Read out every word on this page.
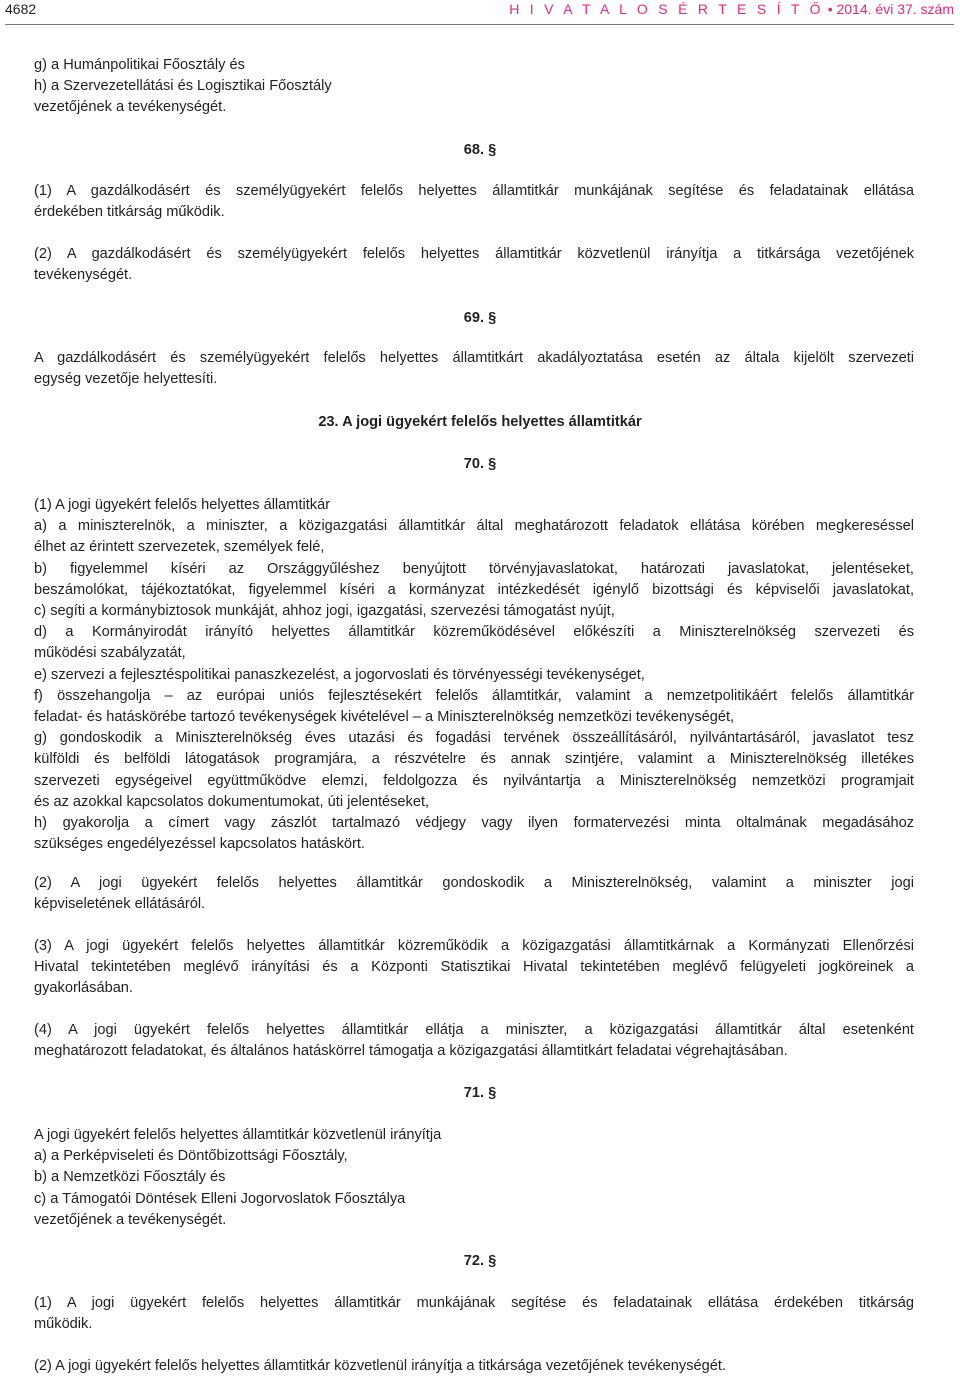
4682	H I V A T A L O S É R T E S Í T Ő • 2014. évi 37. szám
g) a Humánpolitikai Főosztály és
h) a Szervezetellátási és Logisztikai Főosztály
vezetőjének a tevékenységét.
68. §
(1) A gazdálkodásért és személyügyekért felelős helyettes államtitkár munkájának segítése és feladatainak ellátása
érdekében titkárság működik.
(2) A gazdálkodásért és személyügyekért felelős helyettes államtitkár közvetlenül irányítja a titkársága vezetőjének
tevékenységét.
69. §
A gazdálkodásért és személyügyekért felelős helyettes államtitkárt akadályoztatása esetén az általa kijelölt szervezeti
egység vezetője helyettesíti.
23. A jogi ügyekért felelős helyettes államtitkár
70. §
(1) A jogi ügyekért felelős helyettes államtitkár
a) a miniszterelnök, a miniszter, a közigazgatási államtitkár által meghatározott feladatok ellátása körében megkereséssel
élhet az érintett szervezetek, személyek felé,
b) figyelemmel kíséri az Országgyűléshez benyújtott törvényjavaslatokat, határozati javaslatokat, jelentéseket,
beszámolókat, tájékoztatókat, figyelemmel kíséri a kormányzat intézkedését igénylő bizottsági és képviselői javaslatokat,
c) segíti a kormánybiztosok munkáját, ahhoz jogi, igazgatási, szervezési támogatást nyújt,
d) a Kormányirodát irányító helyettes államtitkár közreműködésével előkészíti a Miniszterelnökség szervezeti és
működési szabályzatát,
e) szervezi a fejlesztéspolitikai panaszkezelést, a jogorvoslati és törvényességi tevékenységet,
f) összehangolja – az európai uniós fejlesztésekért felelős államtitkár, valamint a nemzetpolitikáért felelős államtitkár
feladat- és hatáskörébe tartozó tevékenységek kivételével – a Miniszterelnökség nemzetközi tevékenységét,
g) gondoskodik a Miniszterelnökség éves utazási és fogadási tervének összeállításáról, nyilvántartásáról, javaslatot tesz
külföldi és belföldi látogatások programjára, a részvételre és annak szintjére, valamint a Miniszterelnökség illetékes
szervezeti egységeivel együttműködve elemzi, feldolgozza és nyilvántartja a Miniszterelnökség nemzetközi programjait
és az azokkal kapcsolatos dokumentumokat, úti jelentéseket,
h) gyakorolja a címert vagy zászlót tartalmazó védjegy vagy ilyen formatervezési minta oltalmának megadásához
szükséges engedélyezéssel kapcsolatos hatáskört.
(2) A jogi ügyekért felelős helyettes államtitkár gondoskodik a Miniszterelnökség, valamint a miniszter jogi
képviseletének ellátásáról.
(3) A jogi ügyekért felelős helyettes államtitkár közreműködik a közigazgatási államtitkárnak a Kormányzati Ellenőrzési
Hivatal tekintetében meglévő irányítási és a Központi Statisztikai Hivatal tekintetében meglévő felügyeleti jogköreinek a
gyakorlásában.
(4) A jogi ügyekért felelős helyettes államtitkár ellátja a miniszter, a közigazgatási államtitkár által esetenként
meghatározott feladatokat, és általános hatáskörrel támogatja a közigazgatási államtitkárt feladatai végrehajtásában.
71. §
A jogi ügyekért felelős helyettes államtitkár közvetlenül irányítja
a) a Perképviseleti és Döntőbizottsági Főosztály,
b) a Nemzetközi Főosztály és
c) a Támogatói Döntések Elleni Jogorvoslatok Főosztálya
vezetőjének a tevékenységét.
72. §
(1) A jogi ügyekért felelős helyettes államtitkár munkájának segítése és feladatainak ellátása érdekében titkárság
működik.
(2) A jogi ügyekért felelős helyettes államtitkár közvetlenül irányítja a titkársága vezetőjének tevékenységét.
